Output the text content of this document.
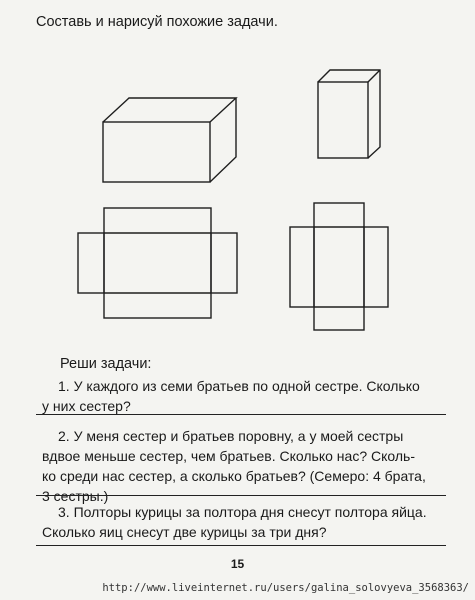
Составь и нарисуй похожие задачи.
Реши задачи:
1. У каждого из семи братьев по одной сестре. Сколько
у них сестер?
2. У меня сестер и братьев поровну, а у моей сестры
вдвое меньше сестер, чем братьев. Сколько нас? Сколь-
ко среди нас сестер, а сколько братьев? (Семеро: 4 брата,
3 сестры.)
3. Полторы курицы за полтора дня снесут полтора яйца.
Сколько яиц снесут две курицы за три дня?
15
http://www.liveinternet.ru/users/galina_solovyeva_3568363/
